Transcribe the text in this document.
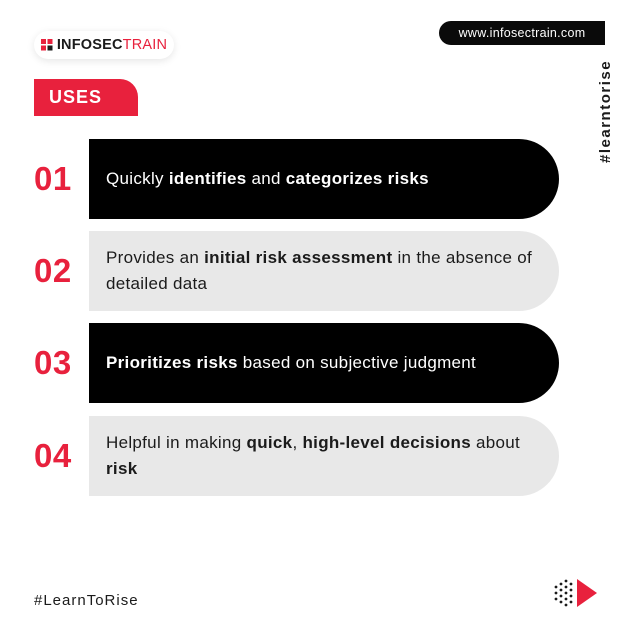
INFOSEC TRAIN
www.infosectrain.com
USES	#learntorise
01	Quickly identifies and categorizes risks
02	Provides an initial risk assessment in the absence of detailed data
03	Prioritizes risks based on subjective judgment
04	Helpful in making quick, high-level decisions about risk
#LearnToRise
